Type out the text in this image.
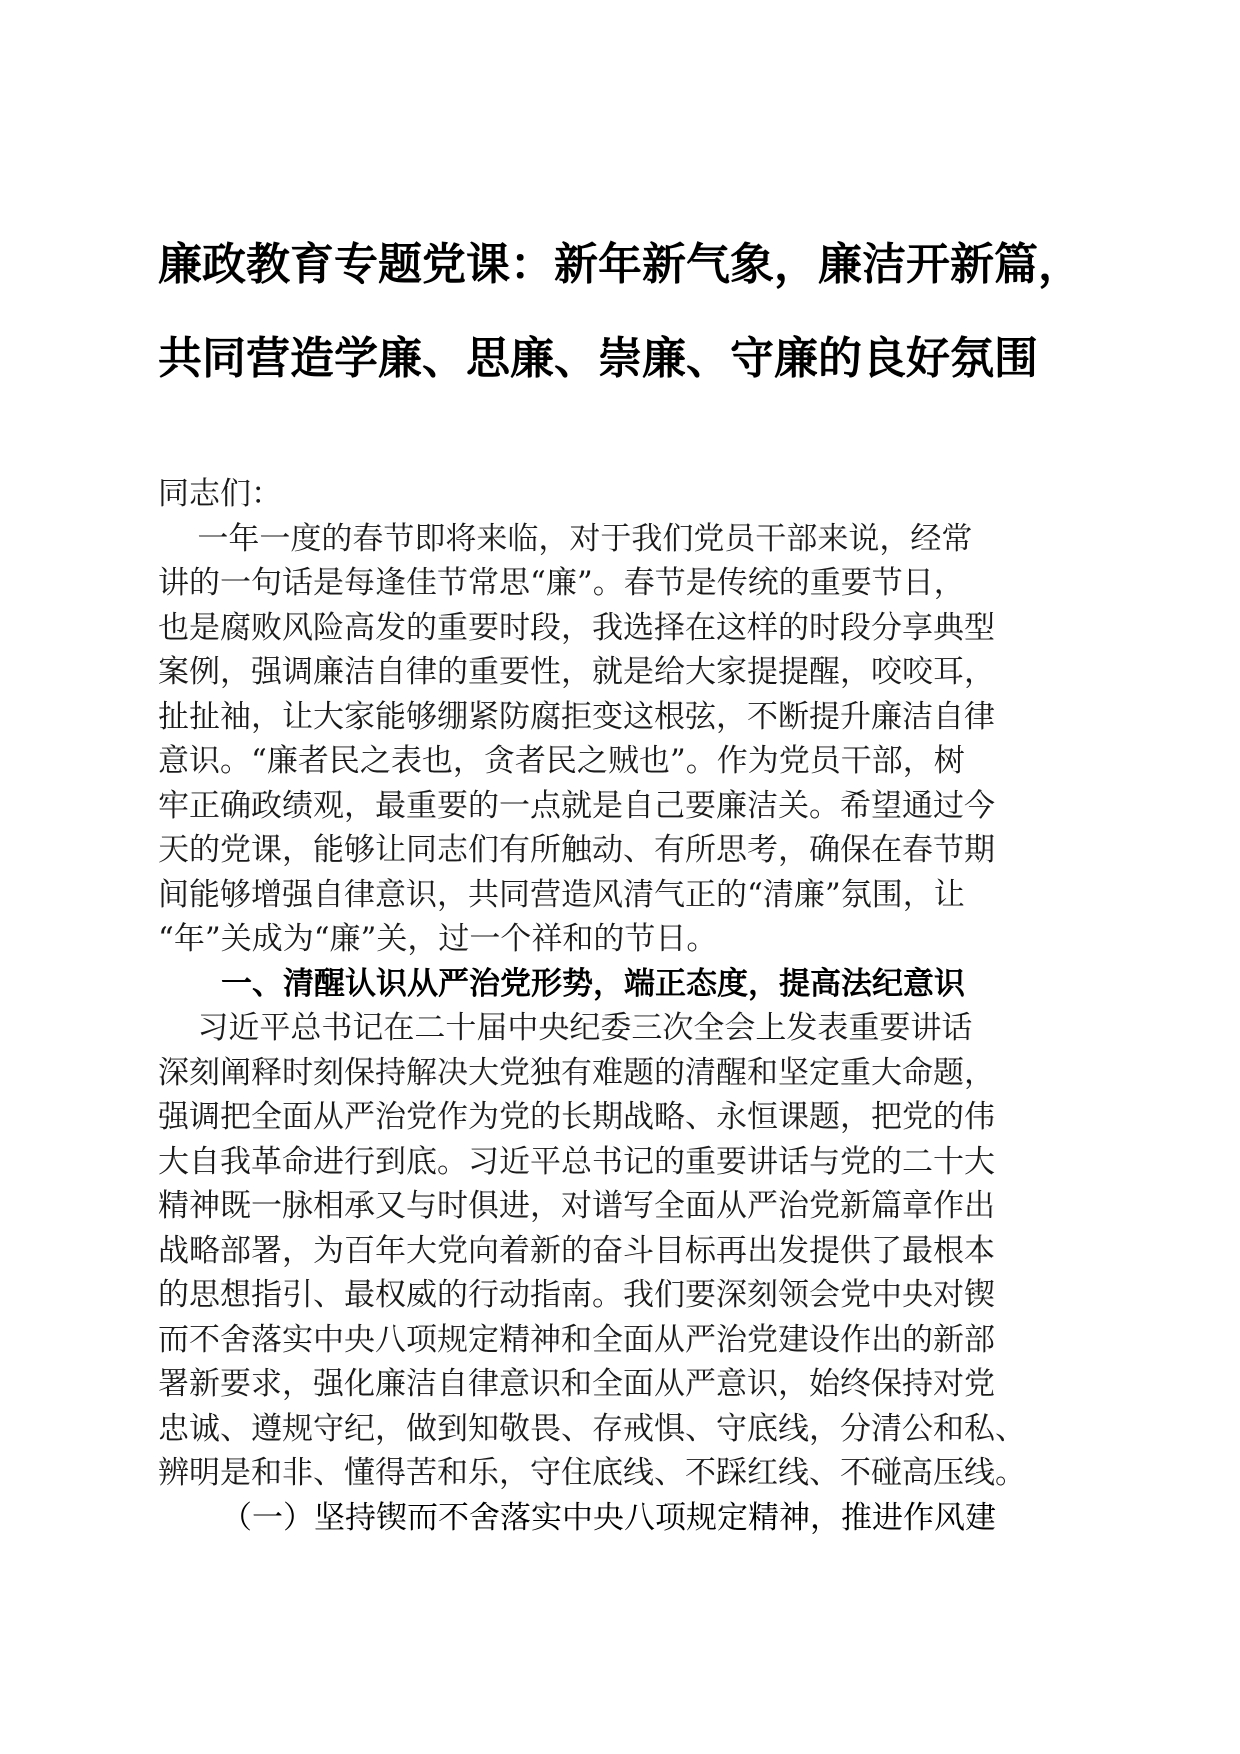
廉政教育专题党课：新年新气象，廉洁开新篇，
共同营造学廉、思廉、崇廉、守廉的良好氛围

同志们：

一年一度的春节即将来临，对于我们党员干部来说，经常
讲的一句话是每逢佳节常思“廉”。春节是传统的重要节日，
也是腐败风险高发的重要时段，我选择在这样的时段分享典型
案例，强调廉洁自律的重要性，就是给大家提提醒，咬咬耳，
扯扯袖，让大家能够绷紧防腐拒变这根弦，不断提升廉洁自律
意识。“廉者民之表也，贪者民之贼也”。作为党员干部，树
牢正确政绩观，最重要的一点就是自己要廉洁关。希望通过今
天的党课，能够让同志们有所触动、有所思考，确保在春节期
间能够增强自律意识，共同营造风清气正的“清廉”氛围，让
“年”关成为“廉”关，过一个祥和的节日。

一、清醒认识从严治党形势，端正态度，提高法纪意识

习近平总书记在二十届中央纪委三次全会上发表重要讲话
深刻阐释时刻保持解决大党独有难题的清醒和坚定重大命题，
强调把全面从严治党作为党的长期战略、永恒课题，把党的伟
大自我革命进行到底。习近平总书记的重要讲话与党的二十大
精神既一脉相承又与时俱进，对谱写全面从严治党新篇章作出
战略部署，为百年大党向着新的奋斗目标再出发提供了最根本
的思想指引、最权威的行动指南。我们要深刻领会党中央对锲
而不舍落实中央八项规定精神和全面从严治党建设作出的新部
署新要求，强化廉洁自律意识和全面从严意识，始终保持对党
忠诚、遵规守纪，做到知敬畏、存戒惧、守底线，分清公和私、
辨明是和非、懂得苦和乐，守住底线、不踩红线、不碰高压线。

（一）坚持锲而不舍落实中央八项规定精神，推进作风建
